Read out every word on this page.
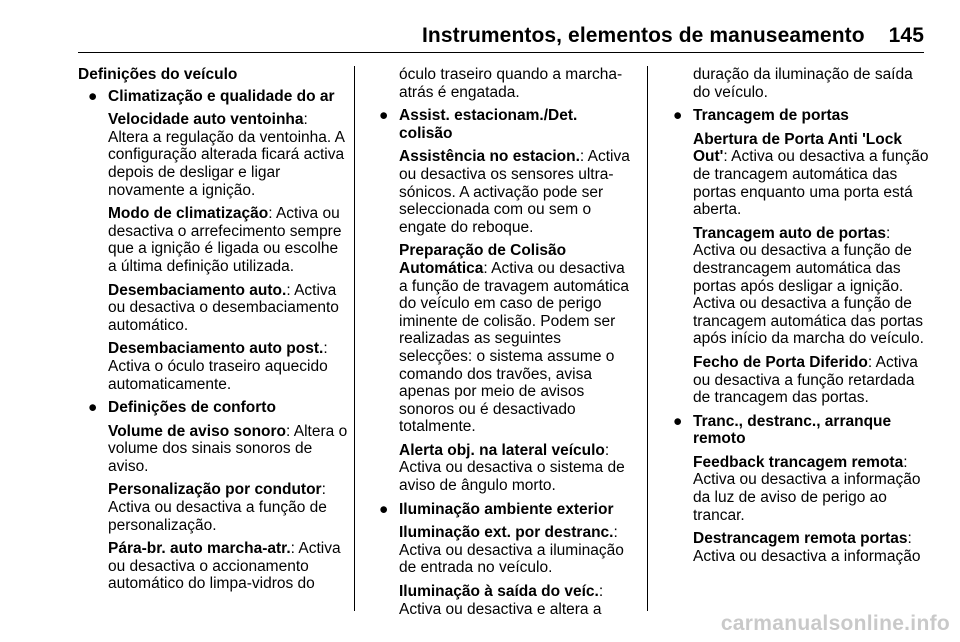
Instrumentos, elementos de manuseamento 145
Definições do veículo
● Climatização e qualidade do ar
Velocidade auto ventoinha: Altera a regulação da ventoinha. A configuração alterada ficará activa depois de desligar e ligar novamente a ignição.
Modo de climatização: Activa ou desactiva o arrefecimento sempre que a ignição é ligada ou escolhe a última definição utilizada.
Desembaciamento auto.: Activa ou desactiva o desembaciamento automático.
Desembaciamento auto post.: Activa o óculo traseiro aquecido automaticamente.
● Definições de conforto
Volume de aviso sonoro: Altera o volume dos sinais sonoros de aviso.
Personalização por condutor: Activa ou desactiva a função de personalização.
Pára-br. auto marcha-atr.: Activa ou desactiva o accionamento automático do limpa-vidros do
óculo traseiro quando a marcha-atrás é engatada.
● Assist. estacionam./Det. colisão
Assistência no estacion.: Activa ou desactiva os sensores ultra-sónicos. A activação pode ser seleccionada com ou sem o engate do reboque.
Preparação de Colisão Automática: Activa ou desactiva a função de travagem automática do veículo em caso de perigo iminente de colisão. Podem ser realizadas as seguintes selecções: o sistema assume o comando dos travões, avisa apenas por meio de avisos sonoros ou é desactivado totalmente.
Alerta obj. na lateral veículo: Activa ou desactiva o sistema de aviso de ângulo morto.
● Iluminação ambiente exterior
Iluminação ext. por destranc.: Activa ou desactiva a iluminação de entrada no veículo.
Iluminação à saída do veíc.: Activa ou desactiva e altera a
duração da iluminação de saída do veículo.
● Trancagem de portas
Abertura de Porta Anti 'Lock Out': Activa ou desactiva a função de trancagem automática das portas enquanto uma porta está aberta.
Trancagem auto de portas: Activa ou desactiva a função de destrancagem automática das portas após desligar a ignição. Activa ou desactiva a função de trancagem automática das portas após início da marcha do veículo.
Fecho de Porta Diferido: Activa ou desactiva a função retardada de trancagem das portas.
● Tranc., destranc., arranque remoto
Feedback trancagem remota: Activa ou desactiva a informação da luz de aviso de perigo ao trancar.
Destrancagem remota portas: Activa ou desactiva a informação
carmanualsonline.info
